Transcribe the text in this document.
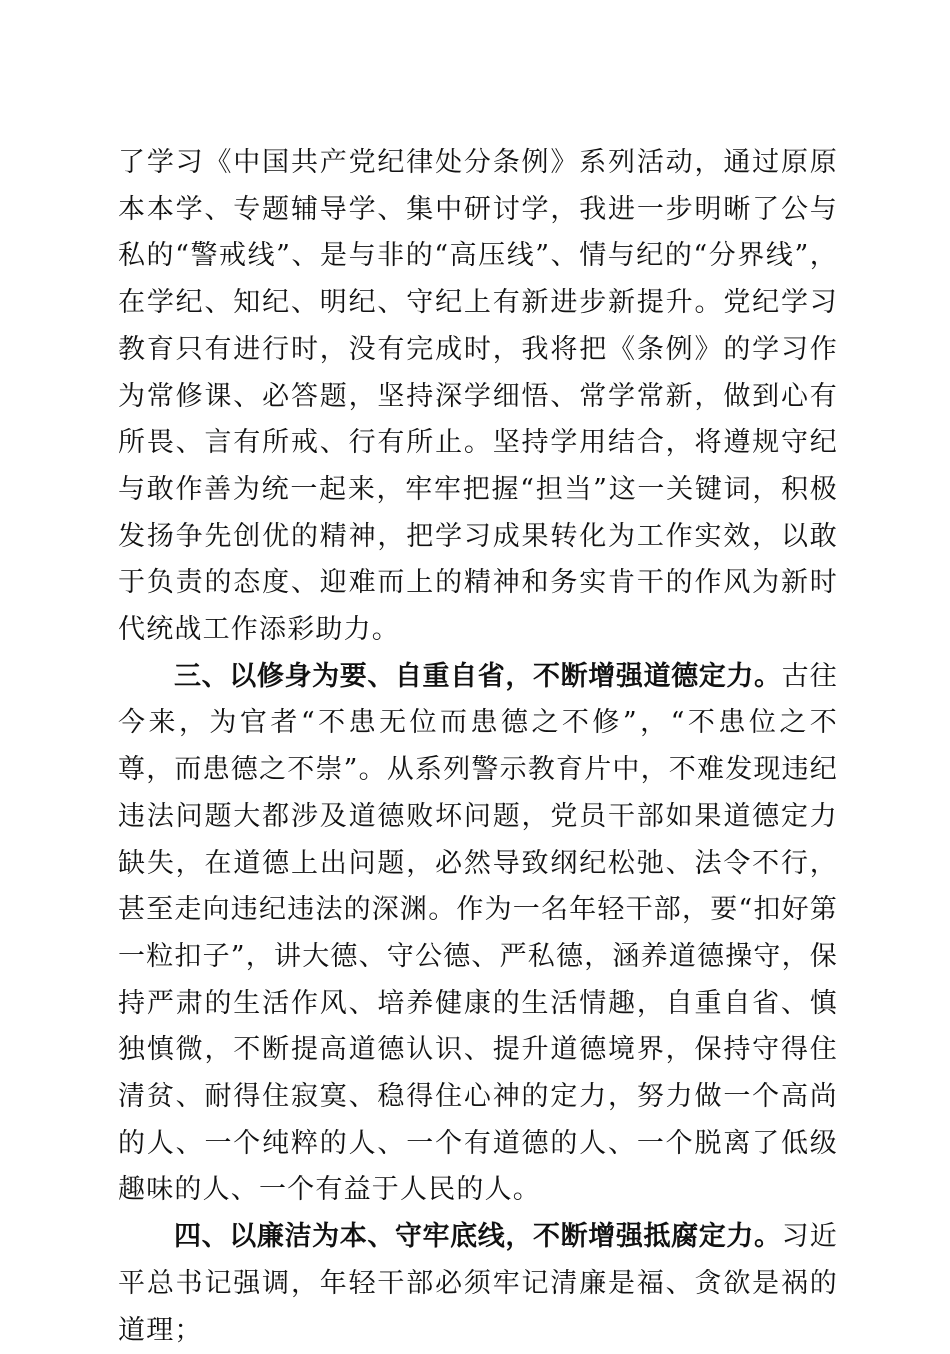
了学习《中国共产党纪律处分条例》系列活动，通过原原本本学、专题辅导学、集中研讨学，我进一步明晰了公与私的“警戒线”、是与非的“高压线”、情与纪的“分界线”，在学纪、知纪、明纪、守纪上有新进步新提升。党纪学习教育只有进行时，没有完成时，我将把《条例》的学习作为常修课、必答题，坚持深学细悟、常学常新，做到心有所畏、言有所戒、行有所止。坚持学用结合，将遵规守纪与敢作善为统一起来，牢牢把握“担当”这一关键词，积极发扬争先创优的精神，把学习成果转化为工作实效，以敢于负责的态度、迎难而上的精神和务实肯干的作风为新时代统战工作添彩助力。

三、以修身为要、自重自省，不断增强道德定力。古往今来，为官者“不患无位而患德之不修”，“不患位之不尊，而患德之不崇”。从系列警示教育片中，不难发现违纪违法问题大都涉及道德败坏问题，党员干部如果道德定力缺失，在道德上出问题，必然导致纲纪松弛、法令不行，甚至走向违纪违法的深渊。作为一名年轻干部，要“扣好第一粒扣子”，讲大德、守公德、严私德，涵养道德操守，保持严肃的生活作风、培养健康的生活情趣，自重自省、慎独慎微，不断提高道德认识、提升道德境界，保持守得住清贫、耐得住寂寞、稳得住心神的定力，努力做一个高尚的人、一个纯粹的人、一个有道德的人、一个脱离了低级趣味的人、一个有益于人民的人。

四、以廉洁为本、守牢底线，不断增强抵腐定力。习近平总书记强调，年轻干部必须牢记清廉是福、贪欲是祸的道理；
